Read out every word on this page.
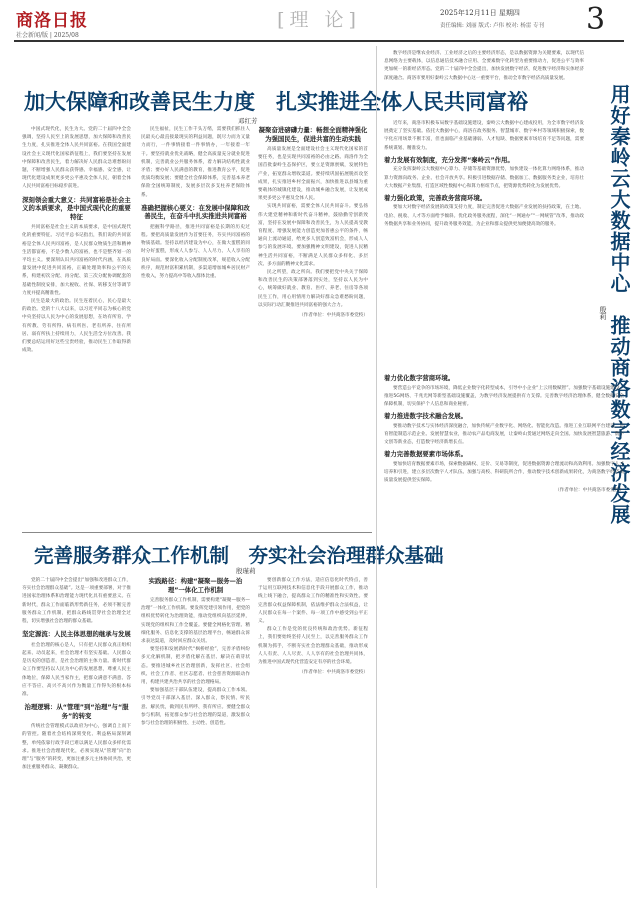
商洛日报
社会新闻/版 | 2025/08
[理 论]	2025年12月11日 星期四
责任编辑: 刘丽 版式: 卢伟 校对: 杨雷 专刊 3
加大保障和改善民生力度　扎实推进全体人民共同富裕
邓红芳

中国式现代化，民生为大。党的二十届四中全会强调，坚持人民至上的发展思想，加大保障和改善民生力度，扎实推进全体人民共同富裕。在我国全面建设社会主义现代化国家新征程上，我们要坚持在发展中保障和改善民生，着力解决好人民群众急难愁盼问题，不断增强人民群众获得感、幸福感、安全感，让现代化建设成果更多更公平惠及全体人民，朝着全体人民共同富裕目标稳步前进。

深刻领会重大意义：共同富裕是社会主义的本质要求，是中国式现代化的重要特征

共同富裕是社会主义的本质要求，是中国式现代化的重要特征。习近平总书记指出，我们说的共同富裕是全体人民共同富裕，是人民群众物质生活和精神生活都富裕，不是少数人的富裕，也不是整齐划一的平均主义。要深刻认识共同富裕的时代内涵，在高质量发展中促进共同富裕，正确处理效率和公平的关系，构建初次分配、再分配、第三次分配协调配套的基础性制度安排，加大税收、社保、转移支付等调节力度并提高精准性。

民生是最大的政治。民生连着民心，民心是最大的政治。党的十八大以来，以习近平同志为核心的党中央坚持以人民为中心的发展思想，在幼有所育、学有所教、劳有所得、病有所医、老有所养、住有所居、弱有所扶上持续用力，人民生活全方位改善。我们要总结运用好这些宝贵经验，推动民生工作取得新成效。

民生福祉，民生工作千头万绪，需要我们抓住人民最关心最直接最现实的利益问题，既尽力而为又量力而行，一件事情接着一件事情办，一年接着一年干。要坚持就业优先战略，健全高质量充分就业促进机制，完善就业公共服务体系，着力解决结构性就业矛盾；要办好人民满意的教育，推进教育公平，促进优质均衡发展；要健全社会保障体系，完善基本养老保险全国统筹制度，发展多层次多支柱养老保险体系。

准确把握核心要义：在发展中保障和改善民生，在奋斗中扎实推进共同富裕

把握科学路径，推进共同富裕是长期的历史过程。要把高质量发展作为首要任务，夯实共同富裕的物质基础。坚持以经济建设为中心，在做大蛋糕的同时分好蛋糕，形成人人参与、人人尽力、人人享有的良好局面。要深化收入分配制度改革，规范收入分配秩序，规范财富积累机制，多渠道增加城乡居民财产性收入，努力提高中等收入群体比重。

凝聚奋进磅礴力量：畅想全面精神强化为强国民生，促进共富的生动实践

高质量发展是全面建设社会主义现代化国家的首要任务，也是实现共同富裕的必由之路。商洛作为全国首批秦岭生态保护区，要立足资源禀赋，发展特色产业，拓宽群众增收渠道。要持续巩固拓展脱贫攻坚成果，扎实推进乡村全面振兴，加快推进以县城为重要载体的城镇化建设，推动城乡融合发展，让发展成果更多更公平惠及全体人民。

实现共同富裕，需要全体人民共同奋斗。要弘扬伟大建党精神和新时代奋斗精神，鼓励勤劳创新致富，坚持在发展中保障和改善民生，为人民提高受教育程度、增强发展能力创造更加普惠公平的条件，畅通向上流动通道，给更多人创造致富机会，形成人人参与的发展环境。要加强精神文明建设，促进人民精神生活共同富裕，不断满足人民群众多样化、多层次、多方面的精神文化需求。

民之所望，政之所向。我们要把党中央关于保障和改善民生的决策部署落到实处，坚持以人民为中心，统筹做好就业、教育、医疗、养老、住房等各项民生工作，用心用情用力解决好群众急难愁盼问题，以实际行动汇聚推进共同富裕的强大合力。

（作者单位：中共商洛市委党校）
完善服务群众工作机制　夯实社会治理群众基础
殷瑾莉

党的二十届四中全会提出“加强和改进群众工作，夯实社会治理群众基础”。这是一项重要部署，对于推进国家治理体系和治理能力现代化具有重要意义。在新时代，群众工作面临新形势新任务，必须不断完善服务群众工作机制，把群众路线贯穿社会治理全过程，切实增强社会治理的群众基础。

坚定源流：人民主体思想的继承与发展

社会治理的核心是人，只有把人民群众真正组织起来、动员起来，社会治理才有坚实基础。人民群众是历史的创造者，是社会治理的主体力量。新时代群众工作要坚持以人民为中心的发展思想，尊重人民主体地位，保障人民当家作主，把群众满意不满意、答应不答应、高兴不高兴作为衡量工作得失的根本标准。

治理逻辑：从“管理”到“治理”与“服务”的转变

传统社会管理模式以政府为中心，强调自上而下的管控。随着社会结构深刻变化、利益格局深刻调整，单纯依靠行政手段已难以满足人民群众多样化需求。推进社会治理现代化，必须实现从“管理”向“治理”与“服务”的转变，更加注重多元主体协同共治，更加注重服务群众、凝聚群众。

实践路径：构建“凝聚—服务—治理”一体化工作机制

完善服务群众工作机制，需要构建“凝聚—服务—治理”一体化工作机制。要发挥党建引领作用，把党的组织优势转化为治理效能，推动党组织向基层延伸，实现党的组织和工作全覆盖。要健全网格化管理、精细化服务、信息化支撑的基层治理平台，畅通群众诉求表达渠道，及时回应群众关切。

要坚持和发展新时代“枫桥经验”，完善矛盾纠纷多元化解机制，把矛盾化解在基层、解决在萌芽状态。要推进城乡社区治理创新，发挥社区、社会组织、社会工作者、社区志愿者、社会慈善资源联动作用，构建共建共治共享的社会治理格局。

要加强基层干部队伍建设，提高群众工作本领。引导党员干部深入基层、深入群众，察民情、听民意、解民忧，做到民有所呼、我有所应。要健全群众参与机制，拓宽群众参与社会治理的渠道，激发群众参与社会治理的积极性、主动性、创造性。

要创新群众工作方法，适应信息化时代特点，善于运用互联网技术和信息化手段开展群众工作，推动线上线下融合，提高群众工作的精准性和实效性。要完善群众权益保障机制，依法维护群众合法权益，让人民群众在每一个案件、每一项工作中感受到公平正义。

群众工作是党的优良传统和政治优势。新征程上，我们要始终坚持人民至上，以完善服务群众工作机制为抓手，不断夯实社会治理群众基础，推动形成人人有责、人人尽责、人人享有的社会治理共同体，为推进中国式现代化营造安定有序的社会环境。

（作者单位：中共商洛市委党校）

数字经济是继农业经济、工业经济之后的主要经济形态，是以数据资源为关键要素，以现代信息网络为主要载体，以信息通信技术融合应用、全要素数字化转型为重要推动力，促进公平与效率更加统一的新经济形态。党的二十届四中全会提出，加快发展数字经济，促进数字经济和实体经济深度融合。商洛市要用好秦岭云大数据中心这一重要平台，推动全市数字经济高质量发展。

用好秦岭云大数据中心　推动商洛数字经济发展
殷莉

近年来，商洛市积极布局数字基础设施建设，秦岭云大数据中心建成投用，为全市数字经济发展奠定了坚实基础。依托大数据中心，商洛在政务服务、智慧城市、数字乡村等领域积极探索，数字化应用场景不断丰富，但也面临产业基础薄弱、人才短缺、数据要素市场培育不足等问题，需要系统谋划、精准发力。

着力发展有效制度，充分发挥“秦岭云”作用。

充分发挥秦岭云大数据中心算力、存储等基础资源优势，加快建设一体化算力网络体系，推动算力资源向政务、企业、社会开放共享。积极引进数据存储、数据加工、数据服务类企业，培育壮大大数据产业集群，打造区域性数据中心和算力枢纽节点，把资源优势转化为发展优势。

着力强化政策，完善政务营商环境。

要加大对数字经济发展的政策支持力度，制定完善促进大数据产业发展的扶持政策，在土地、电价、税收、人才等方面给予倾斜。优化政务服务流程，深化“一网通办”“一网统管”改革，推动政务数据共享和业务协同，提升政务服务效能，为企业和群众提供更加便捷高效的服务。

着力优化数字营商环境。

要营造公平竞争的市场环境，降低企业数字化转型成本，引导中小企业“上云用数赋智”。加强数字基础设施建设，推进5G网络、千兆光网等新型基础设施覆盖，为数字经济发展提供有力支撑。完善数字经济治理体系，健全数据安全保障机制，切实保护个人信息和商业秘密。

着力推进数字技术融合发展。

要推动数字技术与实体经济深度融合，加快传统产业数字化、网络化、智能化改造。推进工业互联网平台建设，培育智能制造示范企业。发展智慧农业，推动农产品电商发展，让秦岭山货通过网络走向全国。加快发展智慧旅游、数字文创等新业态，打造数字经济新增长点。

着力完善数据要素市场体系。

要加快培育数据要素市场，探索数据确权、定价、交易等制度，促进数据资源合理流动和高效利用。加强数字人才培养和引进，建立多层次数字人才队伍。加强与高校、科研院所合作，推动数字技术创新成果转化，为商洛数字经济高质量发展提供坚实保障。

（作者单位：中共商洛市委党校）
